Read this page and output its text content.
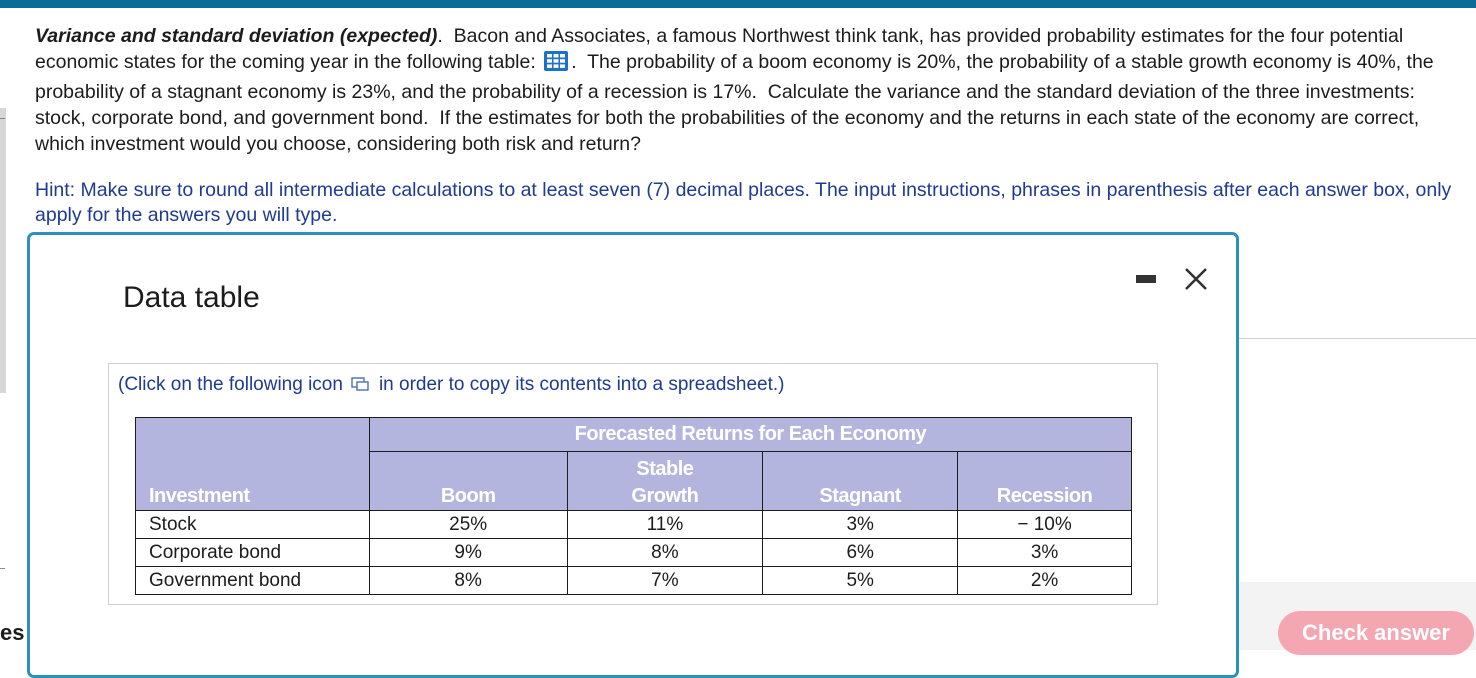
es

Variance and standard deviation (expected).  Bacon and Associates, a famous Northwest think tank, has provided probability estimates for the four potential economic states for the coming year in the following table: .  The probability of a boom economy is 20%, the probability of a stable growth economy is 40%, the probability of a stagnant economy is 23%, and the probability of a recession is 17%.  Calculate the variance and the standard deviation of the three investments: stock, corporate bond, and government bond.  If the estimates for both the probabilities of the economy and the returns in each state of the economy are correct, which investment would you choose, considering both risk and return?

Hint: Make sure to round all intermediate calculations to at least seven (7) decimal places. The input instructions, phrases in parenthesis after each answer box, only apply for the answers you will type.
Check answer
Data table
(Click on the following icon in order to copy its contents into a spreadsheet.)
Investment	Forecasted Returns for Each Economy			
	Boom	Stable Growth	Stagnant	Recession
Stock	25%	11%	3%	− 10%
Corporate bond	9%	8%	6%	3%
Government bond	8%	7%	5%	2%
